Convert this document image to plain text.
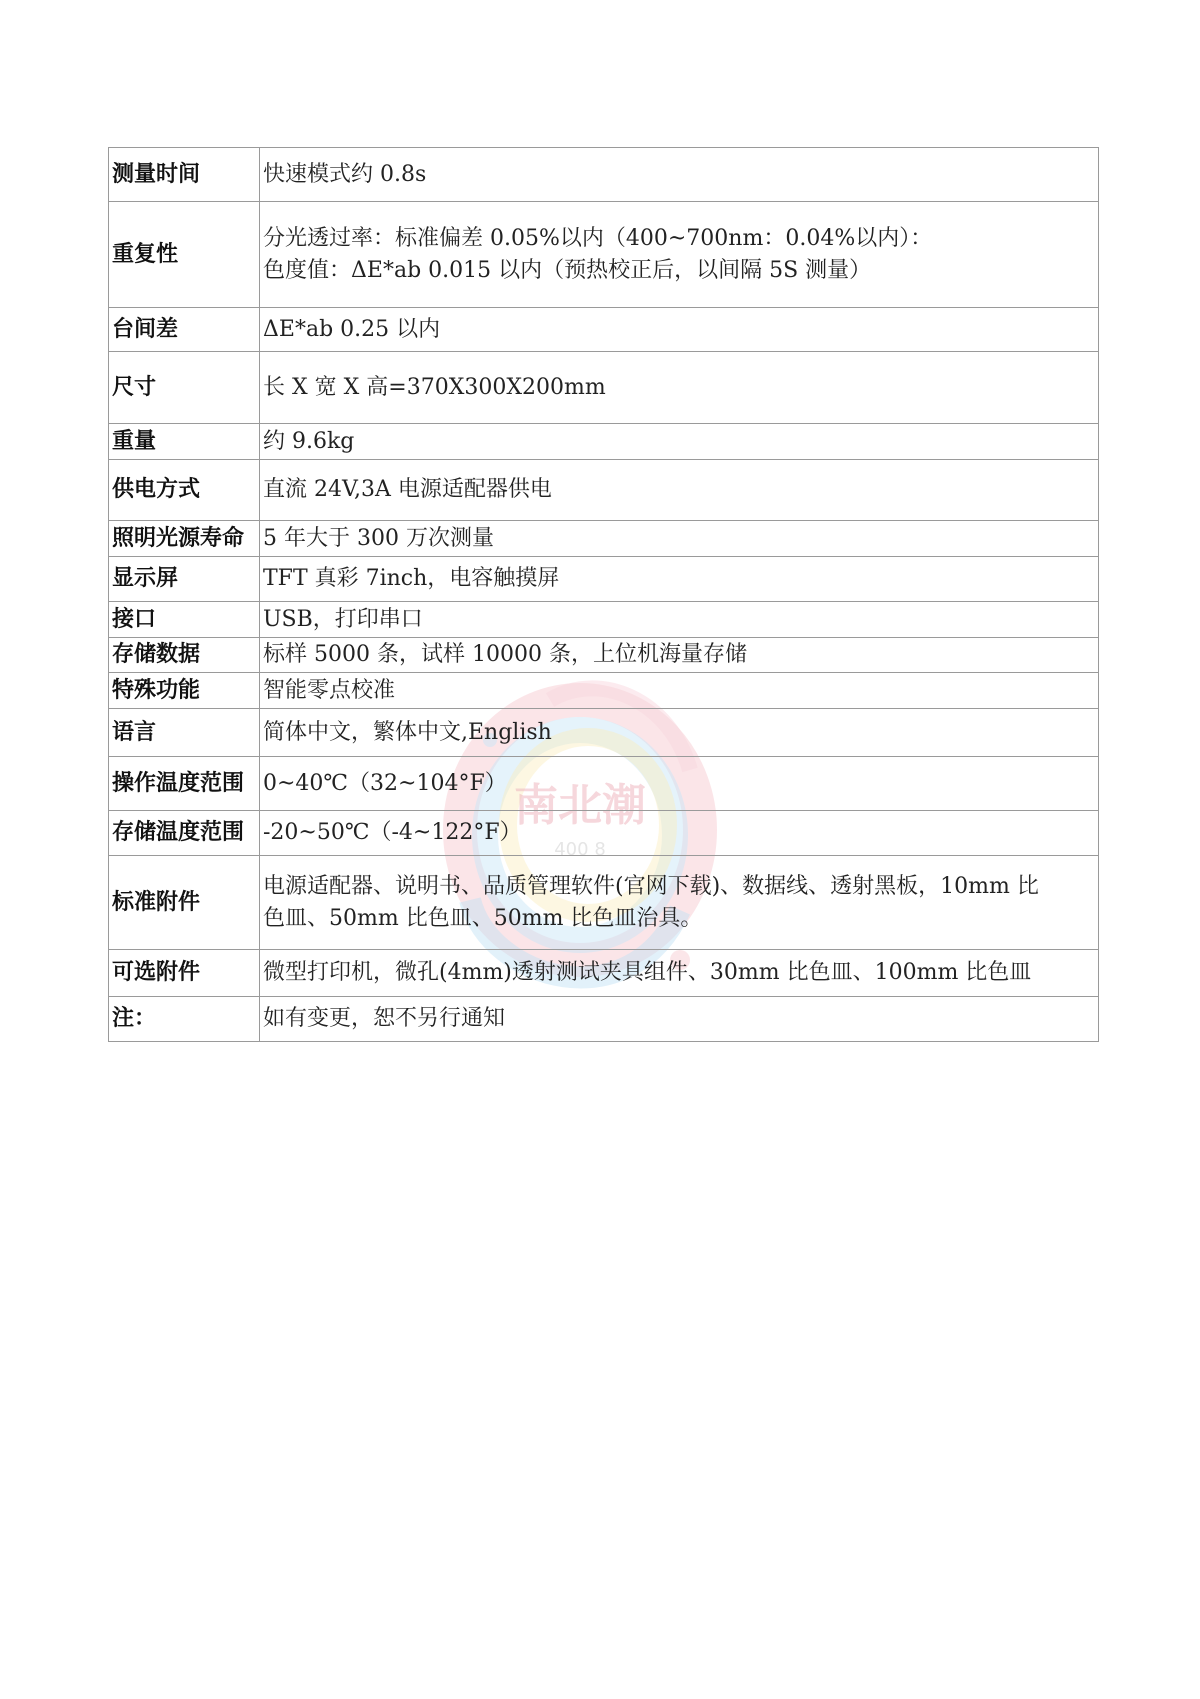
南北潮
400 8
测量时间	快速模式约 0.8s

重复性	分光透过率：标准偏差 0.05%以内（400~700nm：0.04%以内）：
色度值：ΔE*ab 0.015 以内（预热校正后，以间隔 5S 测量）

台间差	ΔE*ab 0.25 以内

尺寸	长 X 宽 X 高=370X300X200mm

重量	约 9.6kg

供电方式	直流 24V,3A 电源适配器供电

照明光源寿命	5 年大于 300 万次测量

显示屏	TFT 真彩 7inch，电容触摸屏

接口	USB，打印串口

存储数据	标样 5000 条，试样 10000 条，上位机海量存储

特殊功能	智能零点校准

语言	简体中文，繁体中文,English

操作温度范围	0~40℃（32~104°F）

存储温度范围	-20~50℃（-4~122°F）

标准附件	电源适配器、说明书、品质管理软件(官网下载)、数据线、透射黑板，10mm 比
色皿、50mm 比色皿、50mm 比色皿治具。

可选附件	微型打印机，微孔(4mm)透射测试夹具组件、30mm 比色皿、100mm 比色皿

注：	如有变更，恕不另行通知
